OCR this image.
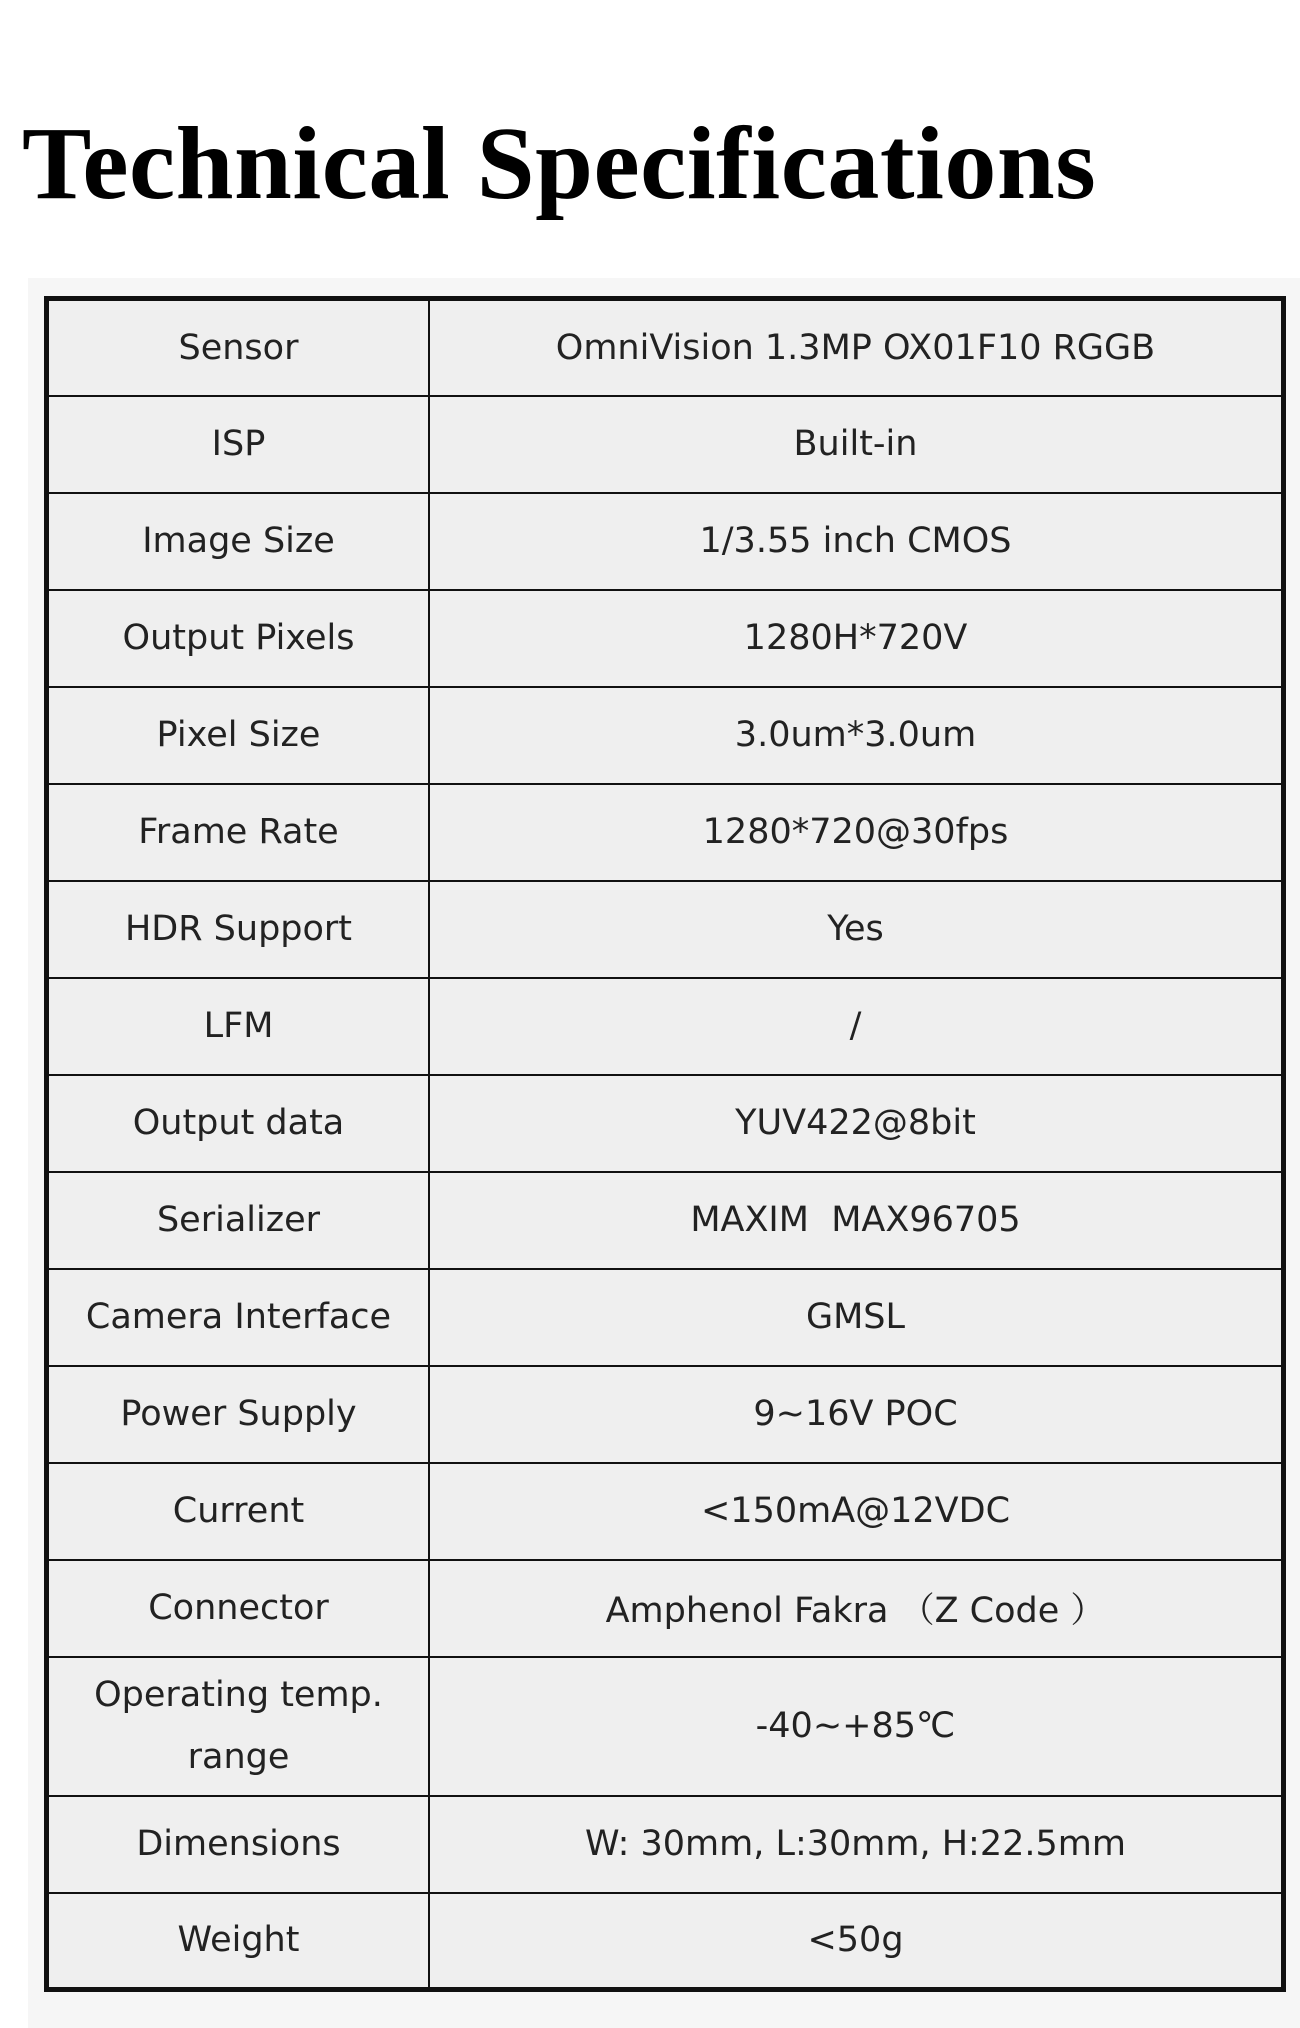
Technical Specifications
Sensor	OmniVision 1.3MP OX01F10 RGGB
ISP	Built-in
Image Size	1/3.55 inch CMOS
Output Pixels	1280H*720V
Pixel Size	3.0um*3.0um
Frame Rate	1280*720@30fps
HDR Support	Yes
LFM	/
Output data	YUV422@8bit
Serializer	MAXIM  MAX96705
Camera Interface	GMSL
Power Supply	9~16V POC
Current	<150mA@12VDC
Connector	Amphenol Fakra （Z Code ）
Operating temp. range	-40~+85℃
Dimensions	W: 30mm, L:30mm, H:22.5mm
Weight	<50g
